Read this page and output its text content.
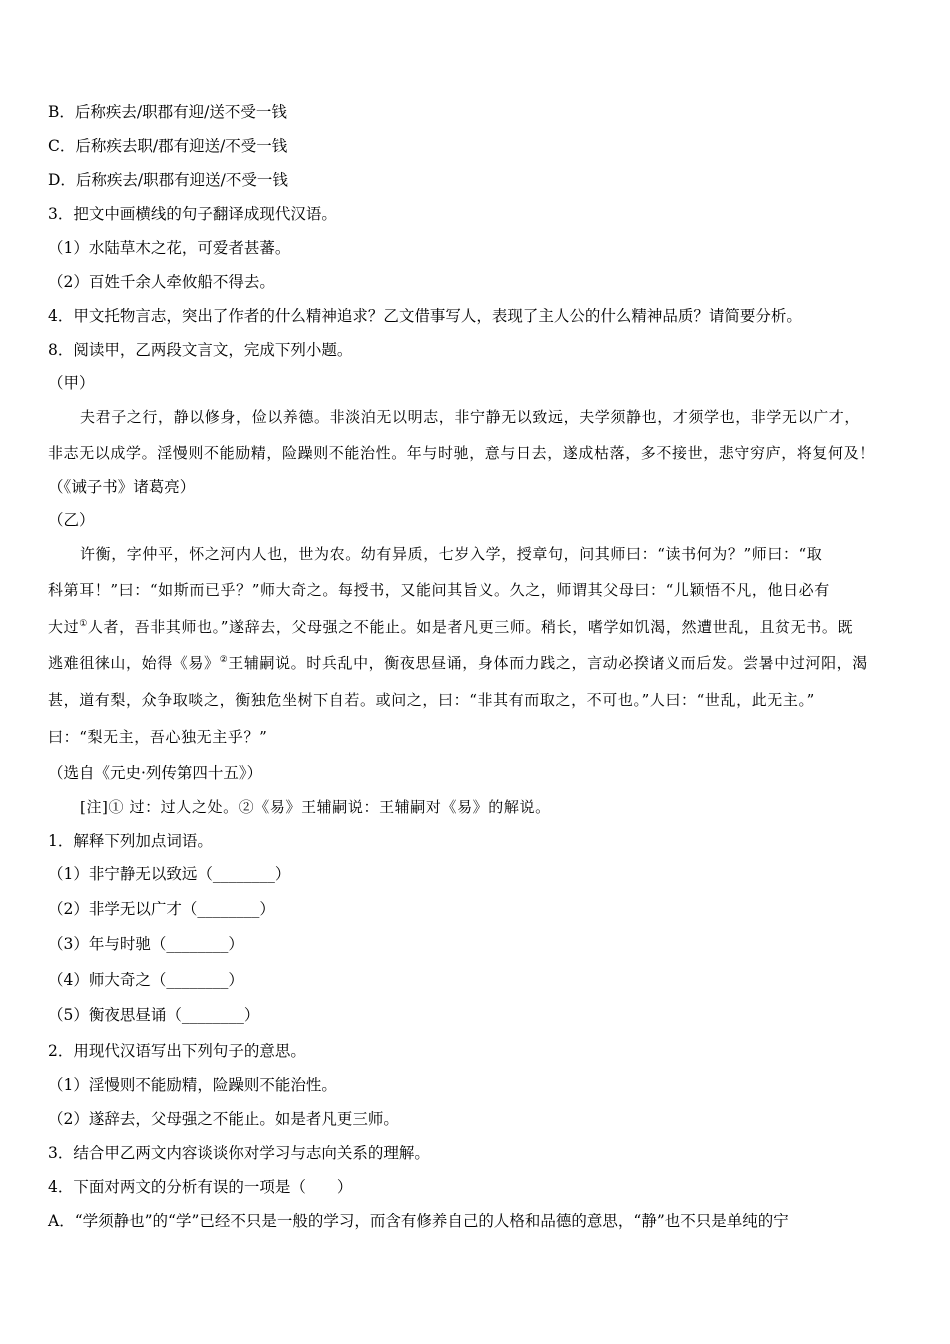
B．后称疾去/职郡有迎/送不受一钱
C．后称疾去职/郡有迎送/不受一钱
D．后称疾去/职郡有迎送/不受一钱
3．把文中画横线的句子翻译成现代汉语。
（1）水陆草木之花，可爱者甚蕃。
（2）百姓千余人牵攸船不得去。
4．甲文托物言志，突出了作者的什么精神追求？乙文借事写人，表现了主人公的什么精神品质？请简要分析。
8．阅读甲，乙两段文言文，完成下列小题。
（甲）
夫君子之行，静以修身，俭以养德。非淡泊无以明志，非宁静无以致远，夫学须静也，才须学也，非学无以广才，
非志无以成学。淫慢则不能励精，险躁则不能治性。年与时驰，意与日去，遂成枯落，多不接世，悲守穷庐，将复何及！
（《诫子书》诸葛亮）
（乙）
许衡，字仲平，怀之河内人也，世为农。幼有异质，七岁入学，授章句，问其师曰：“读书何为？”师曰：“取
科第耳！”曰：“如斯而已乎？”师大奇之。每授书，又能问其旨义。久之，师谓其父母曰：“儿颖悟不凡，他日必有
大过①人者，吾非其师也。”遂辞去，父母强之不能止。如是者凡更三师。稍长，嗜学如饥渴，然遭世乱，且贫无书。既
逃难徂徕山，始得《易》②王辅嗣说。时兵乱中，衡夜思昼诵，身体而力践之，言动必揆诸义而后发。尝暑中过河阳，渴
甚，道有梨，众争取啖之，衡独危坐树下自若。或问之，曰：“非其有而取之，不可也。”人曰：“世乱，此无主。”
曰：“梨无主，吾心独无主乎？”
（选自《元史·列传第四十五》）
[注]① 过：过人之处。②《易》王辅嗣说：王辅嗣对《易》的解说。
1．解释下列加点词语。
（1）非宁静无以致远（________）
（2）非学无以广才（________）
（3）年与时驰（________）
（4）师大奇之（________）
（5）衡夜思昼诵（________）
2．用现代汉语写出下列句子的意思。
（1）淫慢则不能励精，险躁则不能治性。
（2）遂辞去，父母强之不能止。如是者凡更三师。
3．结合甲乙两文内容谈谈你对学习与志向关系的理解。
4．下面对两文的分析有误的一项是（　　）
A．“学须静也”的“学”已经不只是一般的学习，而含有修养自己的人格和品德的意思，“静”也不只是单纯的宁
